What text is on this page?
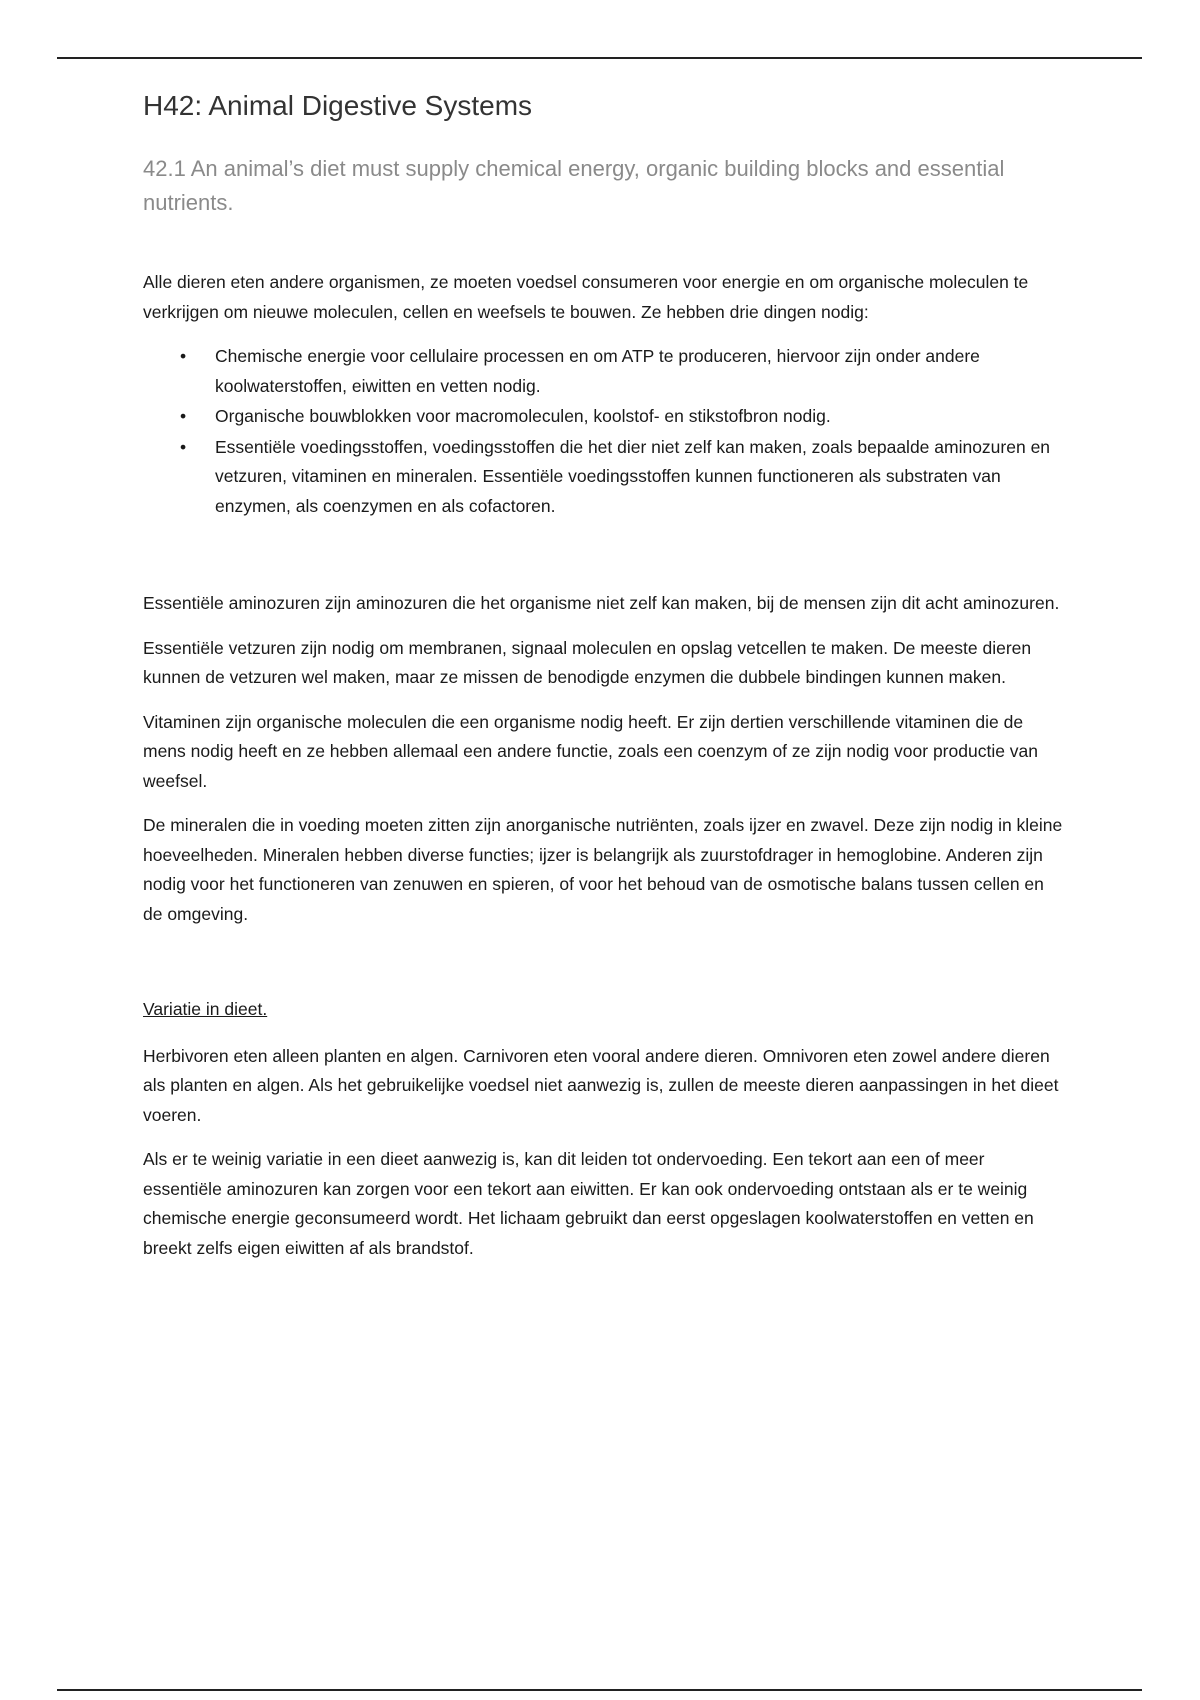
H42: Animal Digestive Systems
42.1 An animal’s diet must supply chemical energy, organic building blocks and essential nutrients.

Alle dieren eten andere organismen, ze moeten voedsel consumeren voor energie en om organische moleculen te verkrijgen om nieuwe moleculen, cellen en weefsels te bouwen. Ze hebben drie dingen nodig:

• Chemische energie voor cellulaire processen en om ATP te produceren, hiervoor zijn onder andere koolwaterstoffen, eiwitten en vetten nodig.
• Organische bouwblokken voor macromoleculen, koolstof- en stikstofbron nodig.
• Essentiële voedingsstoffen, voedingsstoffen die het dier niet zelf kan maken, zoals bepaalde aminozuren en vetzuren, vitaminen en mineralen. Essentiële voedingsstoffen kunnen functioneren als substraten van enzymen, als coenzymen en als cofactoren.

Essentiële aminozuren zijn aminozuren die het organisme niet zelf kan maken, bij de mensen zijn dit acht aminozuren.

Essentiële vetzuren zijn nodig om membranen, signaal moleculen en opslag vetcellen te maken. De meeste dieren kunnen de vetzuren wel maken, maar ze missen de benodigde enzymen die dubbele bindingen kunnen maken.

Vitaminen zijn organische moleculen die een organisme nodig heeft. Er zijn dertien verschillende vitaminen die de mens nodig heeft en ze hebben allemaal een andere functie, zoals een coenzym of ze zijn nodig voor productie van weefsel.

De mineralen die in voeding moeten zitten zijn anorganische nutriënten, zoals ijzer en zwavel. Deze zijn nodig in kleine hoeveelheden. Mineralen hebben diverse functies; ijzer is belangrijk als zuurstofdrager in hemoglobine. Anderen zijn nodig voor het functioneren van zenuwen en spieren, of voor het behoud van de osmotische balans tussen cellen en de omgeving.

Variatie in dieet.

Herbivoren eten alleen planten en algen. Carnivoren eten vooral andere dieren. Omnivoren eten zowel andere dieren als planten en algen. Als het gebruikelijke voedsel niet aanwezig is, zullen de meeste dieren aanpassingen in het dieet voeren.

Als er te weinig variatie in een dieet aanwezig is, kan dit leiden tot ondervoeding. Een tekort aan een of meer essentiële aminozuren kan zorgen voor een tekort aan eiwitten. Er kan ook ondervoeding ontstaan als er te weinig chemische energie geconsumeerd wordt. Het lichaam gebruikt dan eerst opgeslagen koolwaterstoffen en vetten en breekt zelfs eigen eiwitten af als brandstof.
